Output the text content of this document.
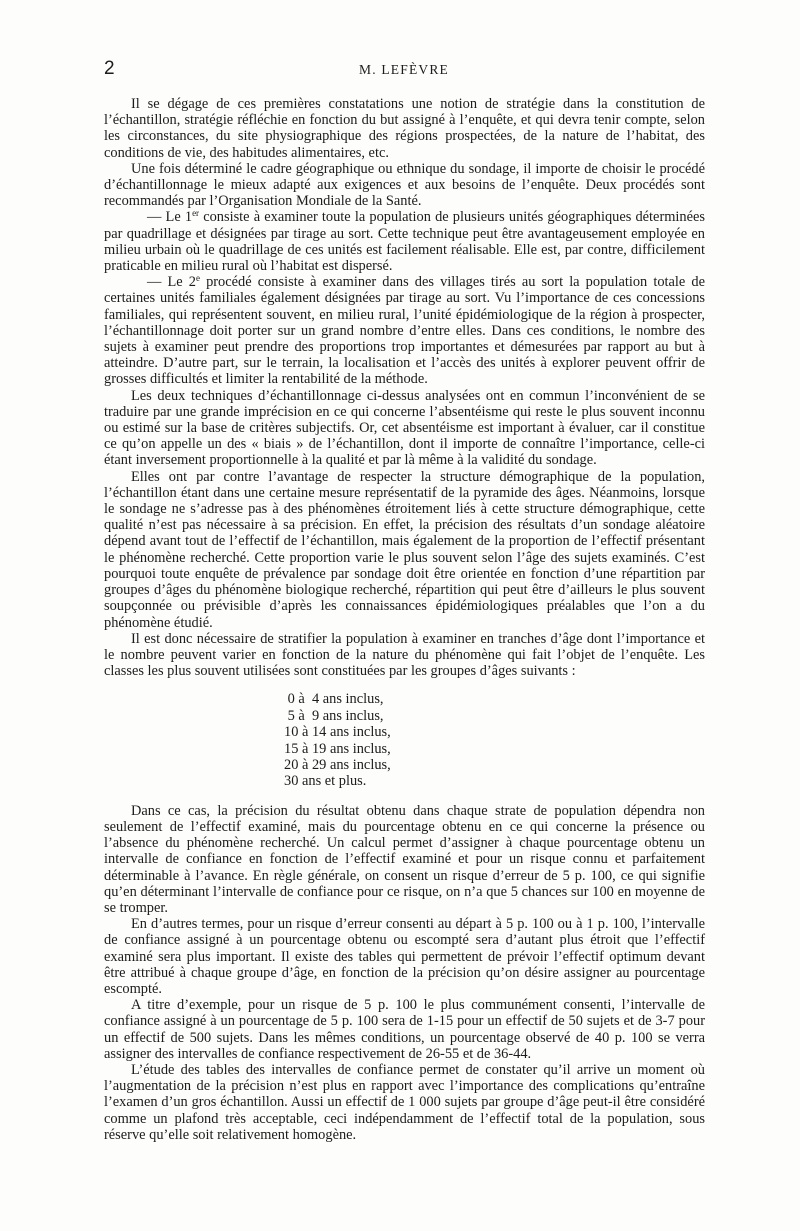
2	M. LEFÈVRE

Il se dégage de ces premières constatations une notion de stratégie dans la constitution de l’échantillon, stratégie réfléchie en fonction du but assigné à l’enquête, et qui devra tenir compte, selon les circonstances, du site physiographique des régions prospectées, de la nature de l’habitat, des conditions de vie, des habitudes alimentaires, etc.

Une fois déterminé le cadre géographique ou ethnique du sondage, il importe de choisir le procédé d’échantillonnage le mieux adapté aux exigences et aux besoins de l’enquête. Deux procédés sont recommandés par l’Organisation Mondiale de la Santé.

— Le 1er consiste à examiner toute la population de plusieurs unités géographiques déterminées par quadrillage et désignées par tirage au sort. Cette technique peut être avantageusement employée en milieu urbain où le quadrillage de ces unités est facilement réalisable. Elle est, par contre, difficilement praticable en milieu rural où l’habitat est dispersé.

— Le 2e procédé consiste à examiner dans des villages tirés au sort la population totale de certaines unités familiales également désignées par tirage au sort. Vu l’importance de ces concessions familiales, qui représentent souvent, en milieu rural, l’unité épidémiologique de la région à prospecter, l’échantillonnage doit porter sur un grand nombre d’entre elles. Dans ces conditions, le nombre des sujets à examiner peut prendre des proportions trop importantes et démesurées par rapport au but à atteindre. D’autre part, sur le terrain, la localisation et l’accès des unités à explorer peuvent offrir de grosses difficultés et limiter la rentabilité de la méthode.

Les deux techniques d’échantillonnage ci-dessus analysées ont en commun l’inconvénient de se traduire par une grande imprécision en ce qui concerne l’absentéisme qui reste le plus souvent inconnu ou estimé sur la base de critères subjectifs. Or, cet absentéisme est important à évaluer, car il constitue ce qu’on appelle un des « biais » de l’échantillon, dont il importe de connaître l’importance, celle-ci étant inversement proportionnelle à la qualité et par là même à la validité du sondage.

Elles ont par contre l’avantage de respecter la structure démographique de la population, l’échantillon étant dans une certaine mesure représentatif de la pyramide des âges. Néanmoins, lorsque le sondage ne s’adresse pas à des phénomènes étroitement liés à cette structure démographique, cette qualité n’est pas nécessaire à sa précision. En effet, la précision des résultats d’un sondage aléatoire dépend avant tout de l’effectif de l’échantillon, mais également de la proportion de l’effectif présentant le phénomène recherché. Cette proportion varie le plus souvent selon l’âge des sujets examinés. C’est pourquoi toute enquête de prévalence par sondage doit être orientée en fonction d’une répartition par groupes d’âges du phénomène biologique recherché, répartition qui peut être d’ailleurs le plus souvent soupçonnée ou prévisible d’après les connaissances épidémiologiques préalables que l’on a du phénomène étudié.

Il est donc nécessaire de stratifier la population à examiner en tranches d’âge dont l’importance et le nombre peuvent varier en fonction de la nature du phénomène qui fait l’objet de l’enquête. Les classes les plus souvent utilisées sont constituées par les groupes d’âges suivants :

0 à  4 ans inclus,
5 à  9 ans inclus,
10 à 14 ans inclus,
15 à 19 ans inclus,
20 à 29 ans inclus,
30 ans et plus.

Dans ce cas, la précision du résultat obtenu dans chaque strate de population dépendra non seulement de l’effectif examiné, mais du pourcentage obtenu en ce qui concerne la présence ou l’absence du phénomène recherché. Un calcul permet d’assigner à chaque pourcentage obtenu un intervalle de confiance en fonction de l’effectif examiné et pour un risque connu et parfaitement déterminable à l’avance. En règle générale, on consent un risque d’erreur de 5 p. 100, ce qui signifie qu’en déterminant l’intervalle de confiance pour ce risque, on n’a que 5 chances sur 100 en moyenne de se tromper.

En d’autres termes, pour un risque d’erreur consenti au départ à 5 p. 100 ou à 1 p. 100, l’intervalle de confiance assigné à un pourcentage obtenu ou escompté sera d’autant plus étroit que l’effectif examiné sera plus important. Il existe des tables qui permettent de prévoir l’effectif optimum devant être attribué à chaque groupe d’âge, en fonction de la précision qu’on désire assigner au pourcentage escompté.

A titre d’exemple, pour un risque de 5 p. 100 le plus communément consenti, l’intervalle de confiance assigné à un pourcentage de 5 p. 100 sera de 1-15 pour un effectif de 50 sujets et de 3-7 pour un effectif de 500 sujets. Dans les mêmes conditions, un pourcentage observé de 40 p. 100 se verra assigner des intervalles de confiance respectivement de 26-55 et de 36-44.

L’étude des tables des intervalles de confiance permet de constater qu’il arrive un moment où l’augmentation de la précision n’est plus en rapport avec l’importance des complications qu’entraîne l’examen d’un gros échantillon. Aussi un effectif de 1 000 sujets par groupe d’âge peut-il être considéré comme un plafond très acceptable, ceci indépendamment de l’effectif total de la population, sous réserve qu’elle soit relativement homogène.
